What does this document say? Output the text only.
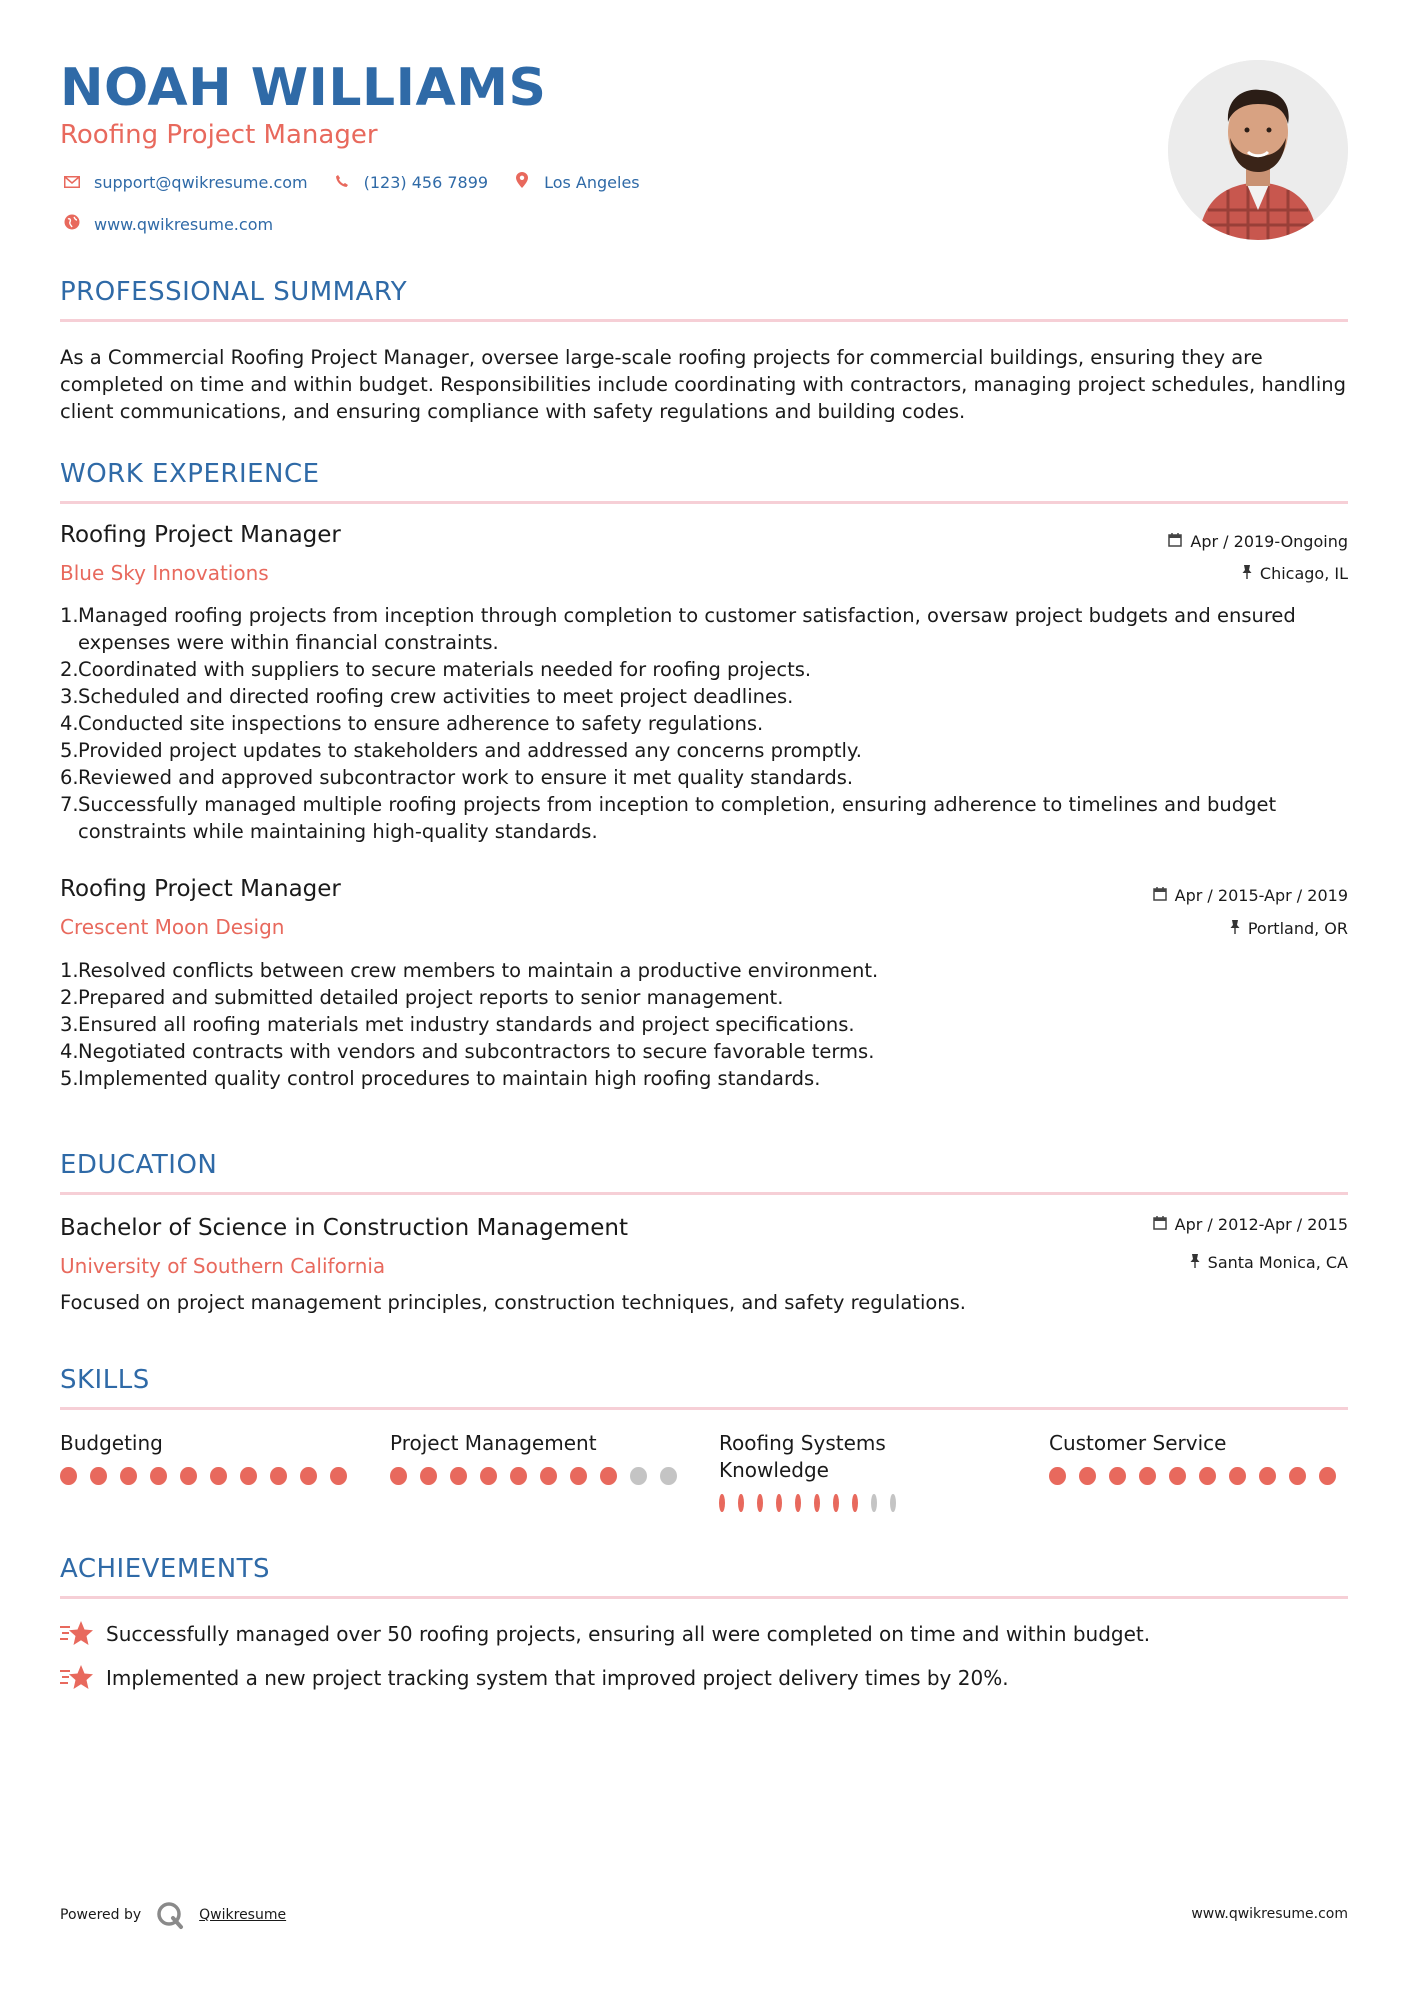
NOAH WILLIAMS
Roofing Project Manager
support@qwikresume.com	(123) 456 7899	Los Angeles
www.qwikresume.com
PROFESSIONAL SUMMARY
As a Commercial Roofing Project Manager, oversee large-scale roofing projects for commercial buildings, ensuring they are completed on time and within budget. Responsibilities include coordinating with contractors, managing project schedules, handling client communications, and ensuring compliance with safety regulations and building codes.
WORK EXPERIENCE
Roofing Project Manager
Blue Sky Innovations
Apr / 2019-Ongoing
Chicago, IL
1. Managed roofing projects from inception through completion to customer satisfaction, oversaw project budgets and ensured expenses were within financial constraints.
2. Coordinated with suppliers to secure materials needed for roofing projects.
3. Scheduled and directed roofing crew activities to meet project deadlines.
4. Conducted site inspections to ensure adherence to safety regulations.
5. Provided project updates to stakeholders and addressed any concerns promptly.
6. Reviewed and approved subcontractor work to ensure it met quality standards.
7. Successfully managed multiple roofing projects from inception to completion, ensuring adherence to timelines and budget constraints while maintaining high-quality standards.
Roofing Project Manager
Crescent Moon Design
Apr / 2015-Apr / 2019
Portland, OR
1. Resolved conflicts between crew members to maintain a productive environment.
2. Prepared and submitted detailed project reports to senior management.
3. Ensured all roofing materials met industry standards and project specifications.
4. Negotiated contracts with vendors and subcontractors to secure favorable terms.
5. Implemented quality control procedures to maintain high roofing standards.
EDUCATION
Bachelor of Science in Construction Management
University of Southern California
Apr / 2012-Apr / 2015
Santa Monica, CA
Focused on project management principles, construction techniques, and safety regulations.
SKILLS
Budgeting	Project Management	Roofing Systems Knowledge
Customer Service
ACHIEVEMENTS
Successfully managed over 50 roofing projects, ensuring all were completed on time and within budget.
Implemented a new project tracking system that improved project delivery times by 20%.
Powered by	Qwikresume	www.qwikresume.com
